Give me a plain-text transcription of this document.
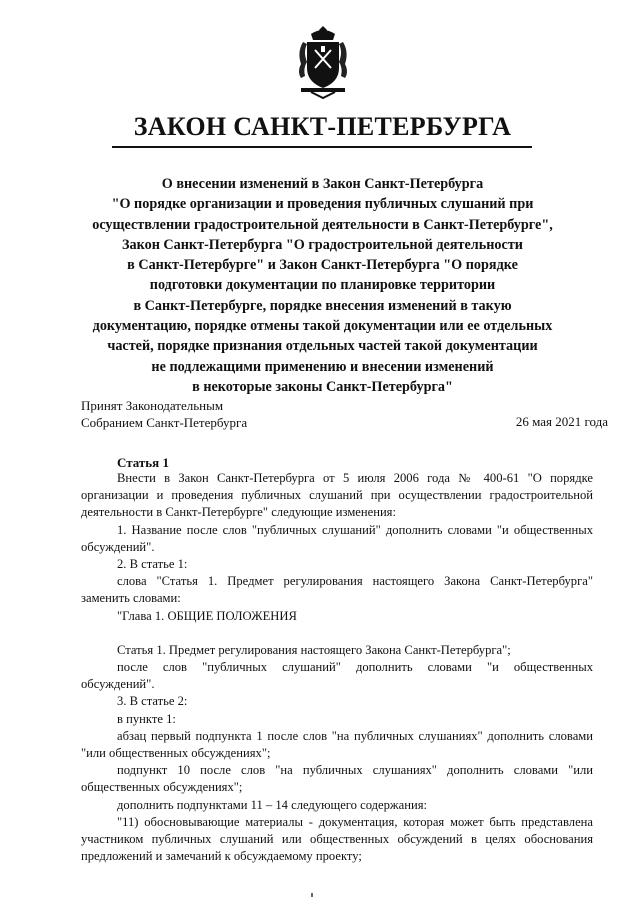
ЗАКОН САНКТ-ПЕТЕРБУРГА
О внесении изменений в Закон Санкт-Петербурга
"О порядке организации и проведения публичных слушаний при
осуществлении градостроительной деятельности в Санкт-Петербурге",
Закон Санкт-Петербурга "О градостроительной деятельности
в Санкт-Петербурге" и Закон Санкт-Петербурга "О порядке
подготовки документации по планировке территории
в Санкт-Петербурге, порядке внесения изменений в такую
документацию, порядке отмены такой документации или ее отдельных
частей, порядке признания отдельных частей такой документации
не подлежащими применению и внесении изменений
в некоторые законы Санкт-Петербурга"
Принят Законодательным
Собранием Санкт-Петербурга	26 мая 2021 года
Статья 1
Внести в Закон Санкт-Петербурга от 5 июля 2006 года № 400-61 "О порядке
организации и проведения публичных слушаний при осуществлении градостроительной
деятельности в Санкт-Петербурге" следующие изменения:
1. Название после слов "публичных слушаний" дополнить словами "и общественных
обсуждений".
2. В статье 1:
слова "Статья 1. Предмет регулирования настоящего Закона Санкт-Петербурга"
заменить словами:
"Глава 1. ОБЩИЕ ПОЛОЖЕНИЯ
Статья 1. Предмет регулирования настоящего Закона Санкт-Петербурга";
после слов "публичных слушаний" дополнить словами "и общественных
обсуждений".
3. В статье 2:
в пункте 1:
абзац первый подпункта 1 после слов "на публичных слушаниях" дополнить словами
"или общественных обсуждениях";
подпункт 10 после слов "на публичных слушаниях" дополнить словами "или
общественных обсуждениях";
дополнить подпунктами 11 – 14 следующего содержания:
"11) обосновывающие материалы - документация, которая может быть представлена
участником публичных слушаний или общественных обсуждений в целях обоснования
предложений и замечаний к обсуждаемому проекту;
